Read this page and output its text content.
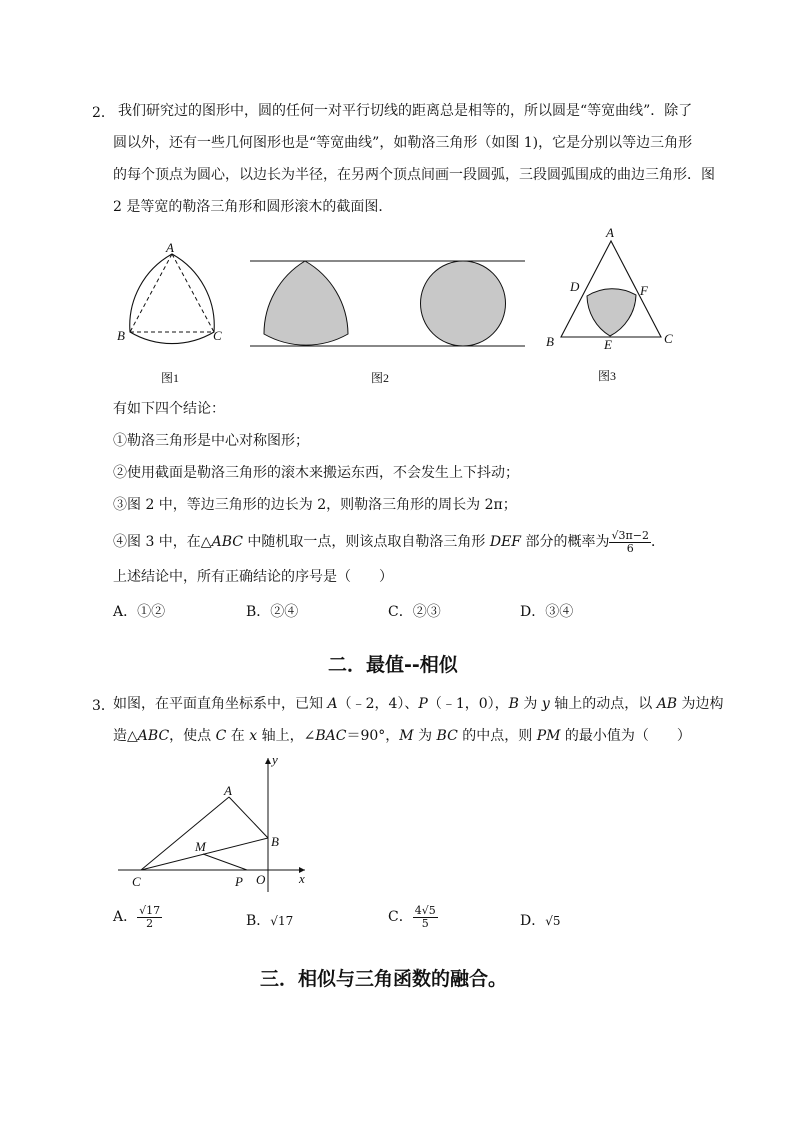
2． 我们研究过的图形中，圆的任何一对平行切线的距离总是相等的，所以圆是“等宽曲线”．除了
圆以外，还有一些几何图形也是“等宽曲线”，如勒洛三角形（如图 1)，它是分别以等边三角形
的每个顶点为圆心，以边长为半径，在另两个顶点间画一段圆弧，三段圆弧围成的曲边三角形．图
2 是等宽的勒洛三角形和圆形滚木的截面图．
A
B	C
图1	图2
A
B	C
D
E
F
图3
有如下四个结论：
①勒洛三角形是中心对称图形；
②使用截面是勒洛三角形的滚木来搬运东西，不会发生上下抖动；
③图 2 中，等边三角形的边长为 2，则勒洛三角形的周长为 2π；
④图 3 中，在△ABC 中随机取一点，则该点取自勒洛三角形 DEF 部分的概率为 $\frac{√3\pi-2}{6}$ ．
上述结论中，所有正确结论的序号是（　　）
A．①②	B．②④	C．②③	D．③④
二．最值--相似
3．
如图，在平面直角坐标系中，已知 A（﹣2，4）、P（﹣1，0），B 为 y 轴上的动点，以 AB 为边构
造△ABC，使点 C 在 x 轴上，∠BAC＝90°，M 为 BC 的中点，则 PM 的最小值为（　　）
A
B
C
M
P O	x
y
A． $\frac{√17}{2}$	B．√17	C． $\frac{4√5}{5}$	D．√5
三．相似与三角函数的融合。
